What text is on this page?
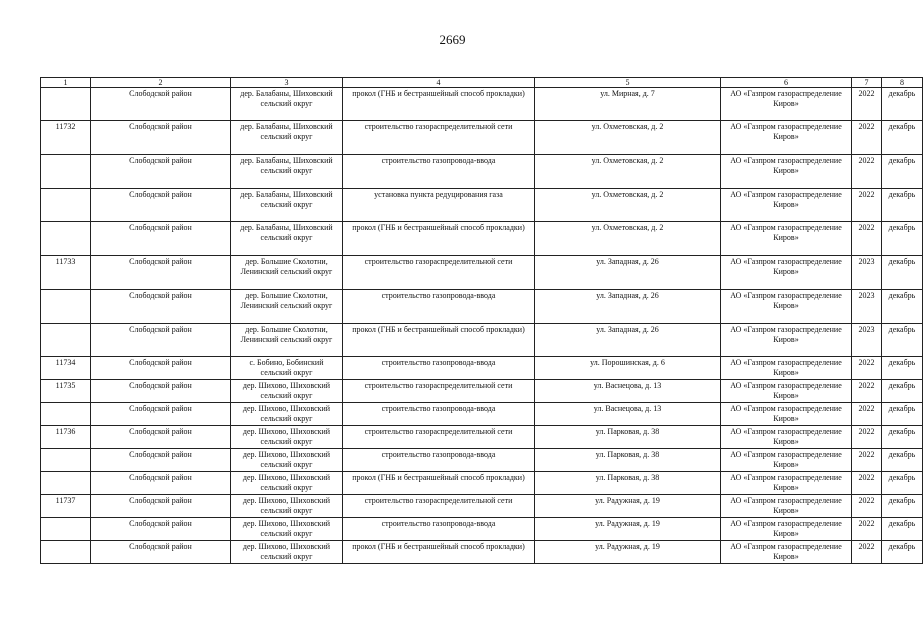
2669
1	2	3	4	5	6	7	8
	Слободской район	дер. Балабаны, Шиховский сельский округ	прокол (ГНБ и бестраншейный способ прокладки)	ул. Мирная, д. 7	АО «Газпром газораспределение Киров»	2022	декабрь
11732	Слободской район	дер. Балабаны, Шиховский сельский округ	строительство газораспределительной сети	ул. Охметовская, д. 2	АО «Газпром газораспределение Киров»	2022	декабрь
	Слободской район	дер. Балабаны, Шиховский сельский округ	строительство газопровода-ввода	ул. Охметовская, д. 2	АО «Газпром газораспределение Киров»	2022	декабрь
	Слободской район	дер. Балабаны, Шиховский сельский округ	установка пункта редуцирования газа	ул. Охметовская, д. 2	АО «Газпром газораспределение Киров»	2022	декабрь
	Слободской район	дер. Балабаны, Шиховский сельский округ	прокол (ГНБ и бестраншейный способ прокладки)	ул. Охметовская, д. 2	АО «Газпром газораспределение Киров»	2022	декабрь
11733	Слободской район	дер. Большие Сколотни, Ленинский сельский округ	строительство газораспределительной сети	ул. Западная, д. 26	АО «Газпром газораспределение Киров»	2023	декабрь
	Слободской район	дер. Большие Сколотни, Ленинский сельский округ	строительство газопровода-ввода	ул. Западная, д. 26	АО «Газпром газораспределение Киров»	2023	декабрь
	Слободской район	дер. Большие Сколотни, Ленинский сельский округ	прокол (ГНБ и бестраншейный способ прокладки)	ул. Западная, д. 26	АО «Газпром газораспределение Киров»	2023	декабрь
11734	Слободской район	с. Бобино, Бобинский сельский округ	строительство газопровода-ввода	ул. Порошинская, д. 6	АО «Газпром газораспределение Киров»	2022	декабрь
11735	Слободской район	дер. Шихово, Шиховский сельский округ	строительство газораспределительной сети	ул. Васнецова, д. 13	АО «Газпром газораспределение Киров»	2022	декабрь
	Слободской район	дер. Шихово, Шиховский сельский округ	строительство газопровода-ввода	ул. Васнецова, д. 13	АО «Газпром газораспределение Киров»	2022	декабрь
11736	Слободской район	дер. Шихово, Шиховский сельский округ	строительство газораспределительной сети	ул. Парковая, д. 38	АО «Газпром газораспределение Киров»	2022	декабрь
	Слободской район	дер. Шихово, Шиховский сельский округ	строительство газопровода-ввода	ул. Парковая, д. 38	АО «Газпром газораспределение Киров»	2022	декабрь
	Слободской район	дер. Шихово, Шиховский сельский округ	прокол (ГНБ и бестраншейный способ прокладки)	ул. Парковая, д. 38	АО «Газпром газораспределение Киров»	2022	декабрь
11737	Слободской район	дер. Шихово, Шиховский сельский округ	строительство газораспределительной сети	ул. Радужная, д. 19	АО «Газпром газораспределение Киров»	2022	декабрь
	Слободской район	дер. Шихово, Шиховский сельский округ	строительство газопровода-ввода	ул. Радужная, д. 19	АО «Газпром газораспределение Киров»	2022	декабрь
	Слободской район	дер. Шихово, Шиховский сельский округ	прокол (ГНБ и бестраншейный способ прокладки)	ул. Радужная, д. 19	АО «Газпром газораспределение Киров»	2022	декабрь
